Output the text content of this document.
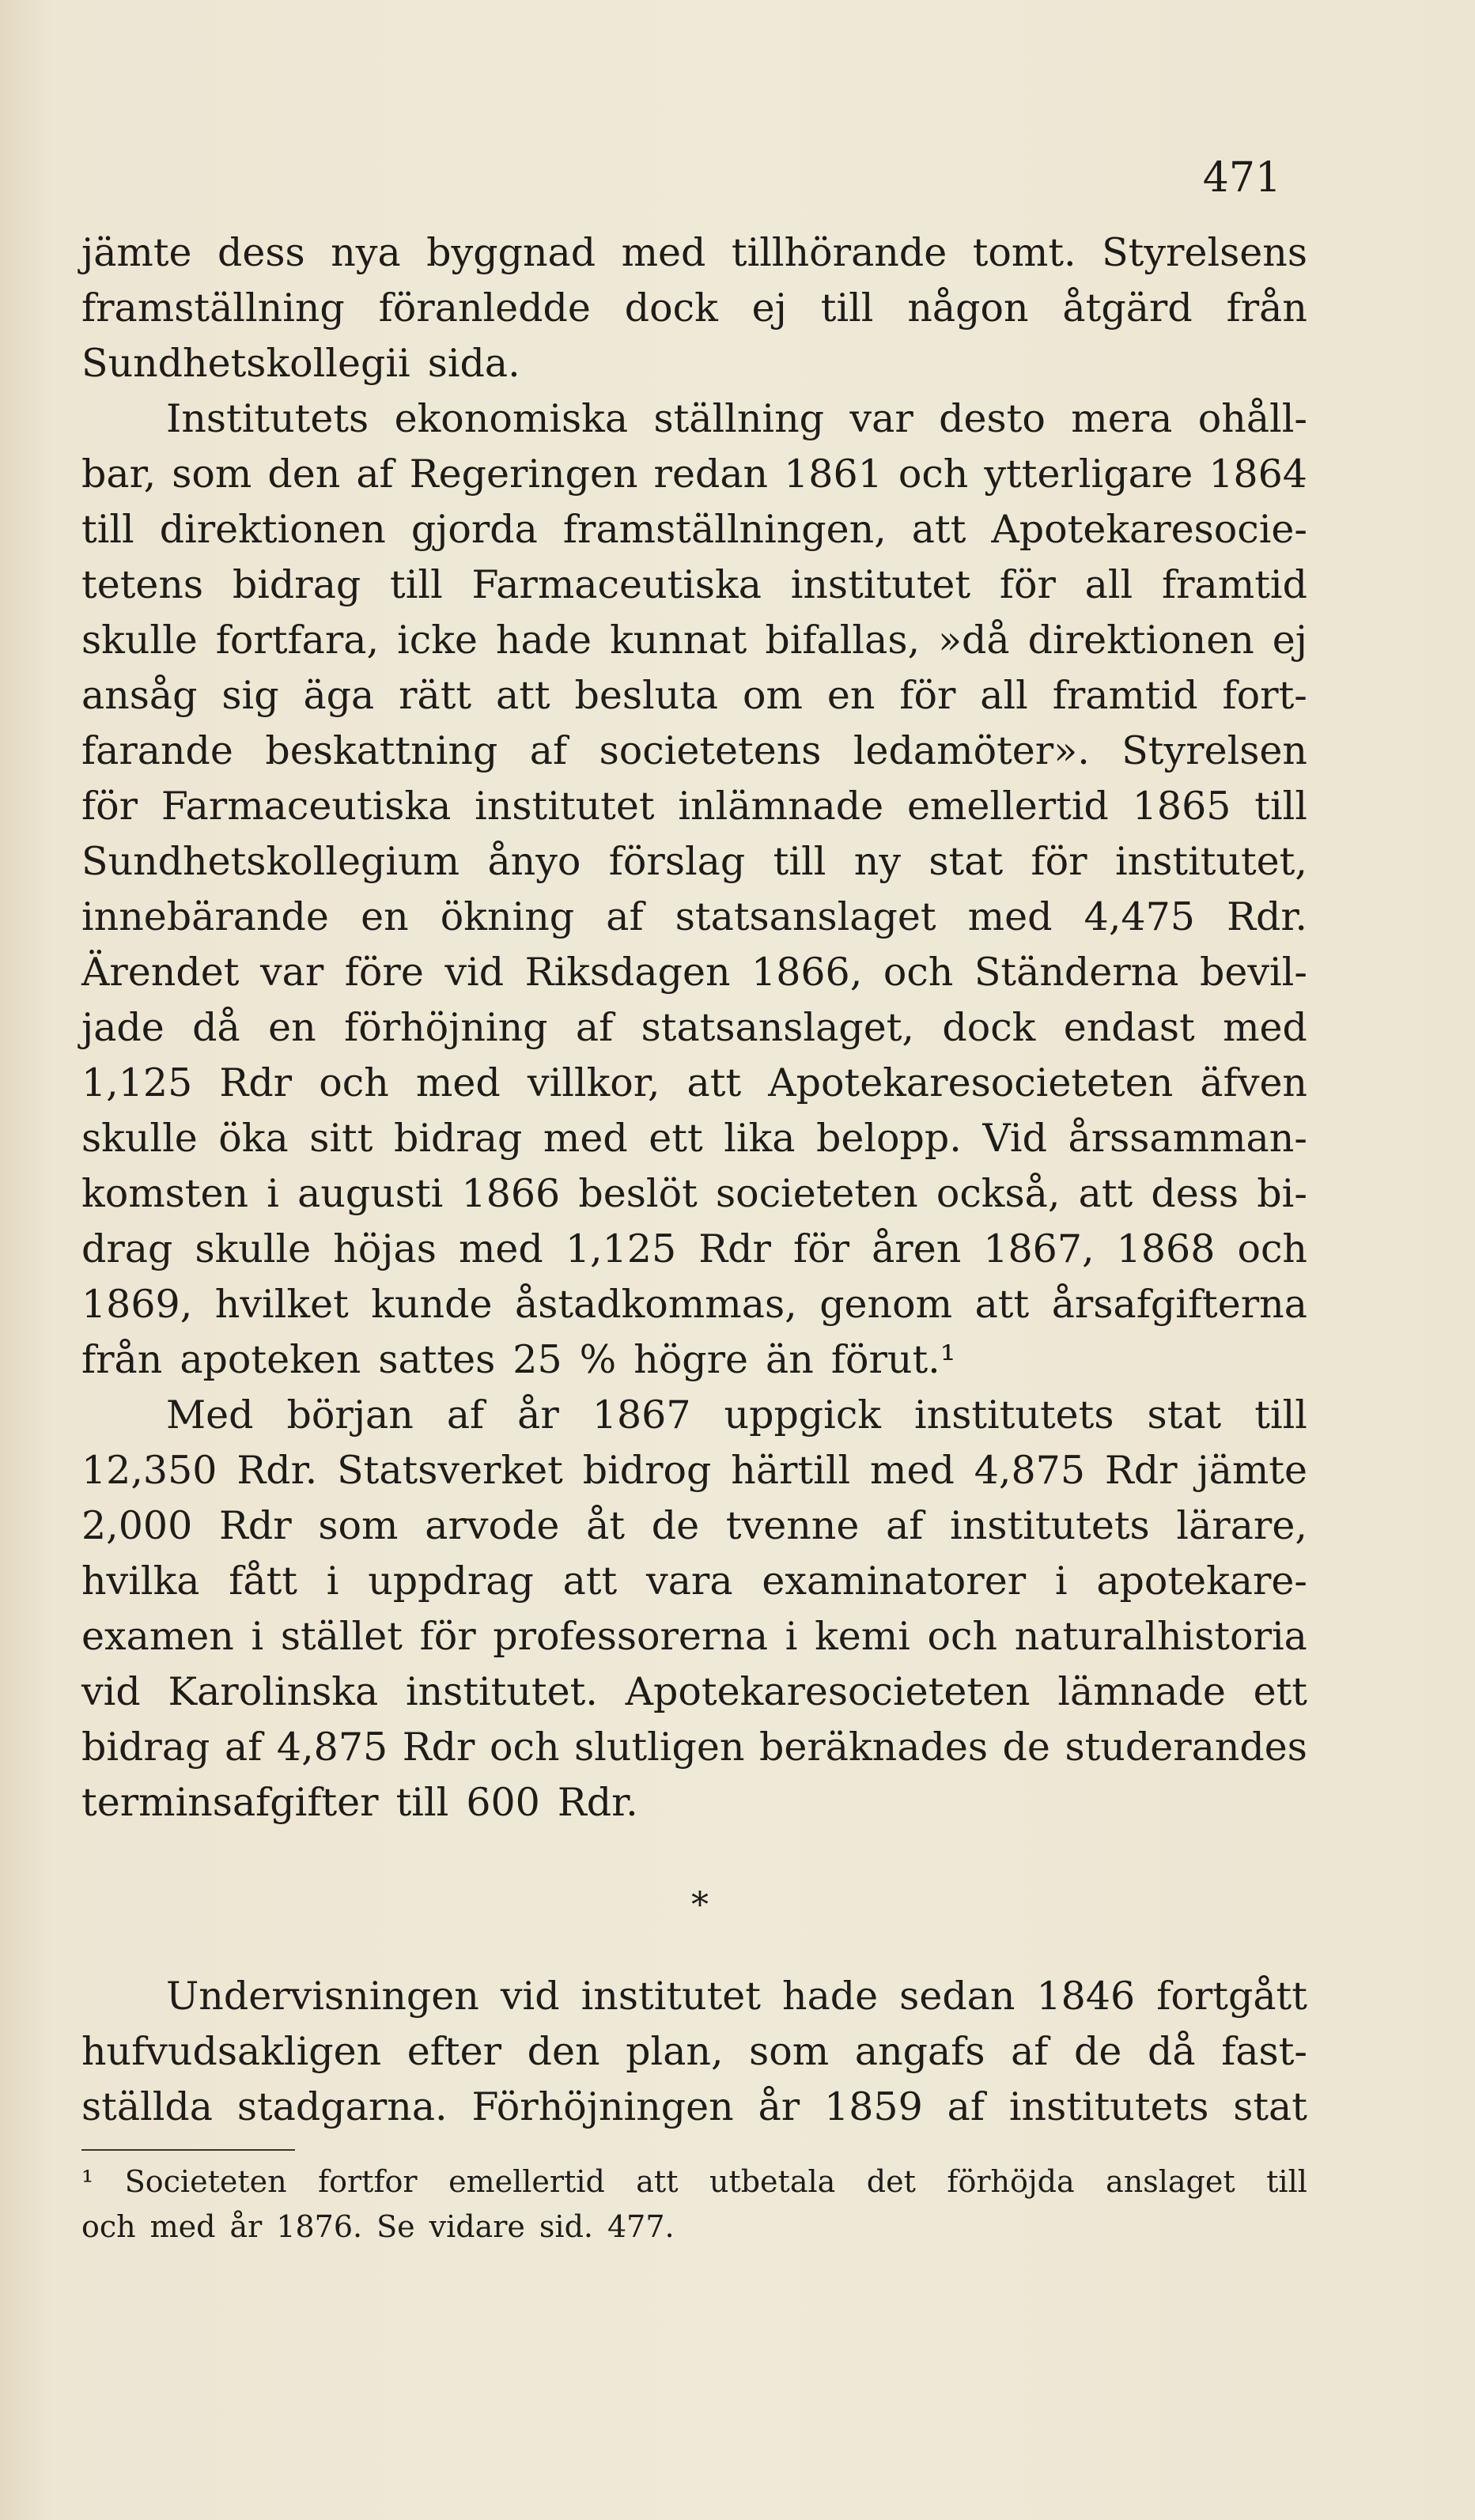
471
jämte dess nya byggnad med tillhörande tomt. Styrelsens
framställning föranledde dock ej till någon åtgärd från
Sundhetskollegii sida.
Institutets ekonomiska ställning var desto mera ohåll-
bar, som den af Regeringen redan 1861 och ytterligare 1864
till direktionen gjorda framställningen, att Apotekaresocie-
tetens bidrag till Farmaceutiska institutet för all framtid
skulle fortfara, icke hade kunnat bifallas, »då direktionen ej
ansåg sig äga rätt att besluta om en för all framtid fort-
farande beskattning af societetens ledamöter». Styrelsen
för Farmaceutiska institutet inlämnade emellertid 1865 till
Sundhetskollegium ånyo förslag till ny stat för institutet,
innebärande en ökning af statsanslaget med 4,475 Rdr.
Ärendet var före vid Riksdagen 1866, och Ständerna bevil-
jade då en förhöjning af statsanslaget, dock endast med
1,125 Rdr och med villkor, att Apotekaresocieteten äfven
skulle öka sitt bidrag med ett lika belopp. Vid årssamman-
komsten i augusti 1866 beslöt societeten också, att dess bi-
drag skulle höjas med 1,125 Rdr för åren 1867, 1868 och
1869, hvilket kunde åstadkommas, genom att årsafgifterna
från apoteken sattes 25 % högre än förut.¹
Med början af år 1867 uppgick institutets stat till
12,350 Rdr. Statsverket bidrog härtill med 4,875 Rdr jämte
2,000 Rdr som arvode åt de tvenne af institutets lärare,
hvilka fått i uppdrag att vara examinatorer i apotekare-
examen i stället för professorerna i kemi och naturalhistoria
vid Karolinska institutet. Apotekaresocieteten lämnade ett
bidrag af 4,875 Rdr och slutligen beräknades de studerandes
terminsafgifter till 600 Rdr.
*
Undervisningen vid institutet hade sedan 1846 fortgått
hufvudsakligen efter den plan, som angafs af de då fast-
ställda stadgarna. Förhöjningen år 1859 af institutets stat
¹ Societeten fortfor emellertid att utbetala det förhöjda anslaget till
och med år 1876. Se vidare sid. 477.
